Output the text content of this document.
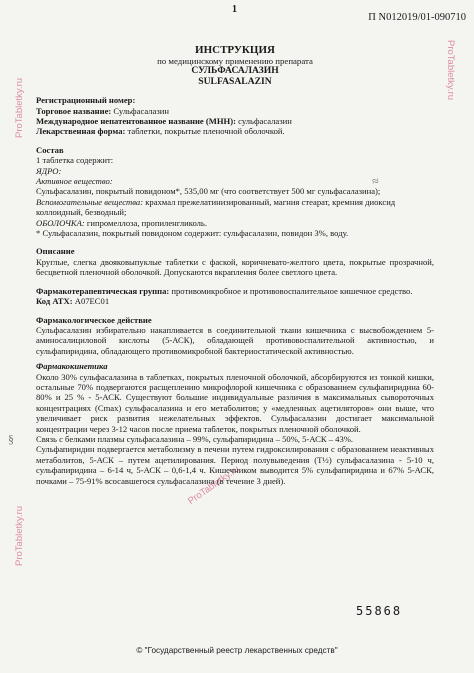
1
П N012019/01-090710
ProTabletky.ru
ProTabletky.ru
ProTabletky.ru
ProTabletky.ru
≈
§
ИНСТРУКЦИЯ
по медицинскому применению препарата
СУЛЬФАСАЛАЗИН
SULFASALAZIN

Регистрационный номер:

Торговое название: Сульфасалазин

Международное непатентованное название (МНН): сульфасалазин

Лекарственная форма: таблетки, покрытые пленочной оболочкой.

Состав

1 таблетка содержит:

ЯДРО:

Активное вещество:

Сульфасалазин, покрытый повидоном*, 535,00 мг (что соответствует 500 мг сульфасалазина);

Вспомогательные вещества: крахмал прежелатинизированный, магния стеарат, кремния диоксид коллоидный, безводный;

ОБОЛОЧКА: гипромеллоза, пропиленгликоль.

* Сульфасалазин, покрытый повидоном содержит: сульфасалазин, повидон 3%, воду.

Описание

Круглые, слегка двояковыпуклые таблетки с фаской, коричневато-желтого цвета, покрытые прозрачной, бесцветной пленочной оболочкой. Допускаются вкрапления более светлого цвета.

Фармакотерапевтическая группа: противомикробное и противовоспалительное кишечное средство.

Код АТХ: A07EC01

Фармакологическое действие

Сульфасалазин избирательно накапливается в соединительной ткани кишечника с высвобождением 5-аминосалициловой кислоты (5-АСК), обладающей противовоспалительной активностью, и сульфапиридина, обладающего противомикробной бактериостатической активностью.

Фармакокинетика

Около 30% сульфасалазина в таблетках, покрытых пленочной оболочкой, абсорбируются из тонкой кишки, остальные 70% подвергаются расщеплению микрофлорой кишечника с образованием сульфапиридина 60-80% и 25 % - 5-АСК. Существуют большие индивидуальные различия в максимальных сывороточных концентрациях (Cmax) сульфасалазина и его метаболитов; у «медленных ацетиляторов» они выше, что увеличивает риск развития нежелательных эффектов. Сульфасалазин достигает максимальной концентрации через 3-12 часов после приема таблеток, покрытых пленочной оболочкой.

Связь с белками плазмы сульфасалазина – 99%, сульфапиридина – 50%, 5-АСК – 43%.

Сульфапиридин подвергается метаболизму в печени путем гидроксилирования с образованием неактивных метаболитов, 5-АСК – путем ацетилирования. Период полувыведения (T½) сульфасалазина - 5-10 ч, сульфапиридина – 6-14 ч, 5-АСК – 0,6-1,4 ч. Кишечником выводится 5% сульфапиридина и 67% 5-АСК, почками – 75-91% всосавшегося сульфасалазина (в течение 3 дней).

55868
© "Государственный реестр лекарственных средств"
